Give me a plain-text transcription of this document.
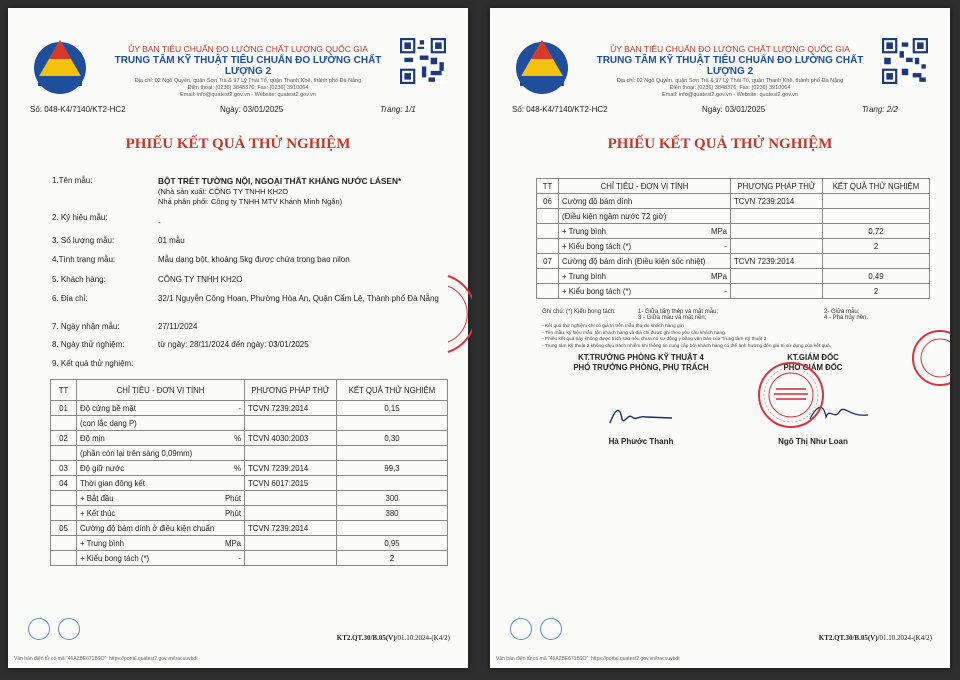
ỦY BAN TIÊU CHUẨN ĐO LƯỜNG CHẤT LƯỢNG QUỐC GIA
TRUNG TÂM KỸ THUẬT TIÊU CHUẨN ĐO LƯỜNG CHẤT LƯỢNG 2
Địa chỉ: 02 Ngô Quyền, quận Sơn Trà & 97 Lý Thái Tổ, quận Thanh Khê, thành phố Đà Nẵng
Điện thoại: (0236) 3848376; Fax: (0236) 3910064
Email: info@quatest2.gov.vn - Website: quatest2.gov.vn
Số: 048-K4/7140/KT2-HC2	Ngày: 03/01/2025	Trang: 1/1
PHIẾU KẾT QUẢ THỬ NGHIỆM
1.Tên mẫu:	BỘT TRÉT TƯỜNG NỘI, NGOẠI THẤT KHÁNG NƯỚC LÁSEN*
(Nhà sản xuất: CÔNG TY TNHH KH2O
Nhà phân phối: Công ty TNHH MTV Khánh Minh Ngân)
2. Ký hiệu mẫu:
-
3. Số lượng mẫu:	01 mẫu
4.Tình trạng mẫu:	Mẫu dạng bột, khoảng 5kg được chứa trong bao nilon
5. Khách hàng:	CÔNG TY TNHH KH2O
6. Địa chỉ:	32/1 Nguyễn Công Hoan, Phường Hòa An, Quận Cẩm Lệ, Thành phố Đà Nẵng
7. Ngày nhận mẫu:	27/11/2024
8. Ngày thử nghiệm:	từ ngày: 28/11/2024 đến ngày: 03/01/2025
9. Kết quả thử nghiệm:
TT	CHỈ TIÊU - ĐƠN VỊ TÍNH	PHƯƠNG PHÁP THỬ	KẾT QUẢ THỬ NGHIỆM
01	Độ cứng bề mặt -	TCVN 7239:2014	0,15
	(con lắc dạng P)

02	Độ mịn %	TCVN 4030:2003	0,30
	(phần còn lại trên sàng 0,09mm)

03	Độ giữ nước %	TCVN 7239:2014	99,3
04	Thời gian đông kết	TCVN 6017:2015	
	+ Bắt đầu Phút		300
	+ Kết thúc Phút		380
05	Cường độ bám dính ở điều kiện chuẩn	TCVN 7239:2014	
	+ Trung bình MPa		0,95
	+ Kiểu bong tách (*) -		2
KT2.QT.30/B.05(V)/01.10.2024-(K4/2)
Văn bản điện tử có mã "46A2BE671B9O": https://portal.quatest2.gov.vn/tracuuvbdt
ỦY BAN TIÊU CHUẨN ĐO LƯỜNG CHẤT LƯỢNG QUỐC GIA
TRUNG TÂM KỸ THUẬT TIÊU CHUẨN ĐO LƯỜNG CHẤT LƯỢNG 2
Địa chỉ: 02 Ngô Quyền, quận Sơn Trà & 97 Lý Thái Tổ, quận Thanh Khê, thành phố Đà Nẵng
Điện thoại: (0236) 3848376; Fax: (0236) 3910064
Email: info@quatest2.gov.vn - Website: quatest2.gov.vn
Số: 048-K4/7140/KT2-HC2	Ngày: 03/01/2025	Trang: 2/2
PHIẾU KẾT QUẢ THỬ NGHIỆM
TT	CHỈ TIÊU - ĐƠN VỊ TÍNH	PHƯƠNG PHÁP THỬ	KẾT QUẢ THỬ NGHIỆM
06	Cường độ bám dính	TCVN 7239:2014	
	(Điều kiện ngâm nước 72 giờ)

	+ Trung bình MPa		0,72
	+ Kiểu bong tách (*) -		2
07	Cường độ bám dính (Điều kiện sốc nhiệt)	TCVN 7239:2014	
	+ Trung bình MPa		0,49
	+ Kiểu bong tách (*) -		2
Ghi chú: (*) Kiểu bong tách:	1- Giữa tấm thép và mặt mẫu;	2- Giữa mẫu;
3 - Giữa mẫu và mặt nền;	4 - Phá hủy nền.
- Kết quả thử nghiệm chỉ có giá trị trên mẫu thử do khách hàng gửi
- Tên mẫu, ký hiệu mẫu, tên khách hàng và địa chỉ được ghi theo yêu cầu khách hàng.
- Phiếu kết quả này không được trích sao nếu chưa có sự đồng ý bằng văn bản của Trung tâm Kỹ thuật 2
- Trung tâm Kỹ thuật 2 không chịu trách nhiệm khi thông tin cung cấp bởi khách hàng có thể ảnh hưởng đến giá trị sử dụng của kết quả.
KT.TRƯỞNG PHÒNG KỸ THUẬT 4
PHÓ TRƯỞNG PHÒNG, PHỤ TRÁCH
Hà Phước Thanh
KT.GIÁM ĐỐC
PHÓ GIÁM ĐỐC
Ngô Thị Như Loan
KT2.QT.30/B.05(V)/01.10.2024-(K4/2)
Văn bản điện tử có mã "46A2BE671B9O": https://portal.quatest2.gov.vn/tracuuvbdt
